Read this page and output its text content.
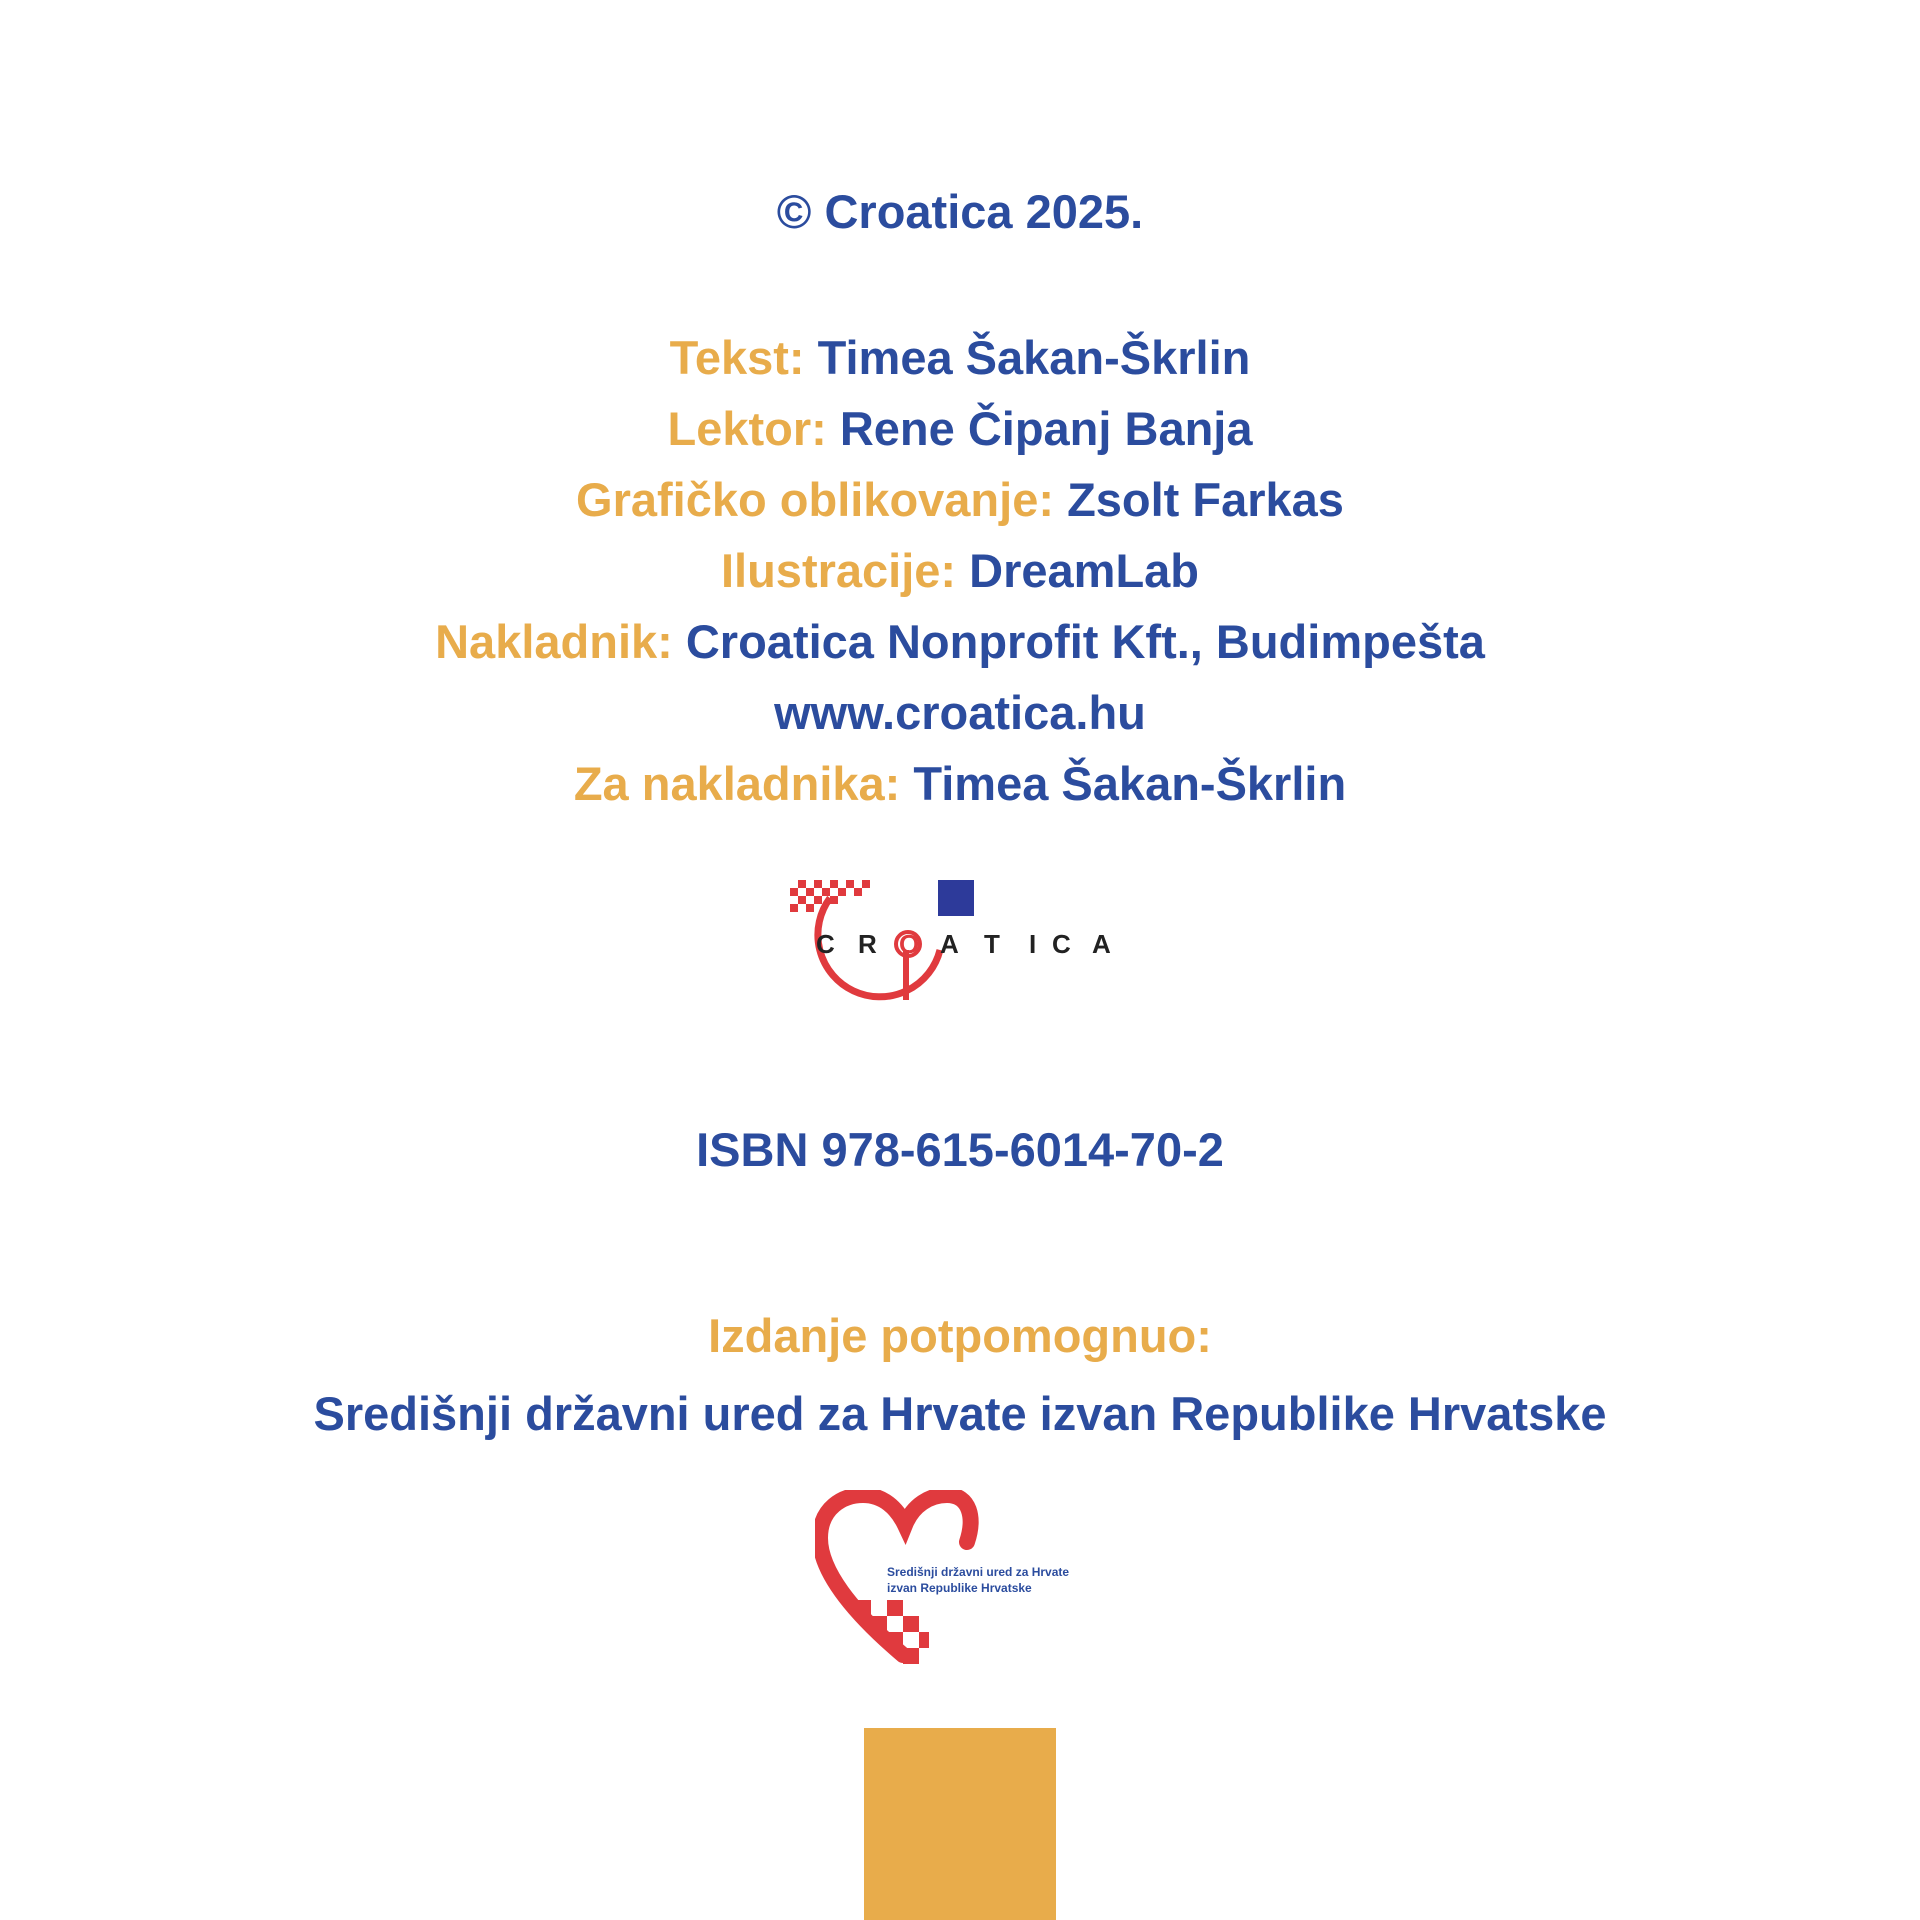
© Croatica 2025.
Tekst: Timea Šakan-Škrlin
Lektor: Rene Čipanj Banja
Grafičko oblikovanje: Zsolt Farkas
Ilustracije: DreamLab
Nakladnik: Croatica Nonprofit Kft., Budimpešta
www.croatica.hu
Za nakladnika: Timea Šakan-Škrlin
C R O A T I C A
ISBN 978-615-6014-70-2
Izdanje potpomognuo:
Središnji državni ured za Hrvate izvan Republike Hrvatske
Središnji državni ured za Hrvate
izvan Republike Hrvatske
